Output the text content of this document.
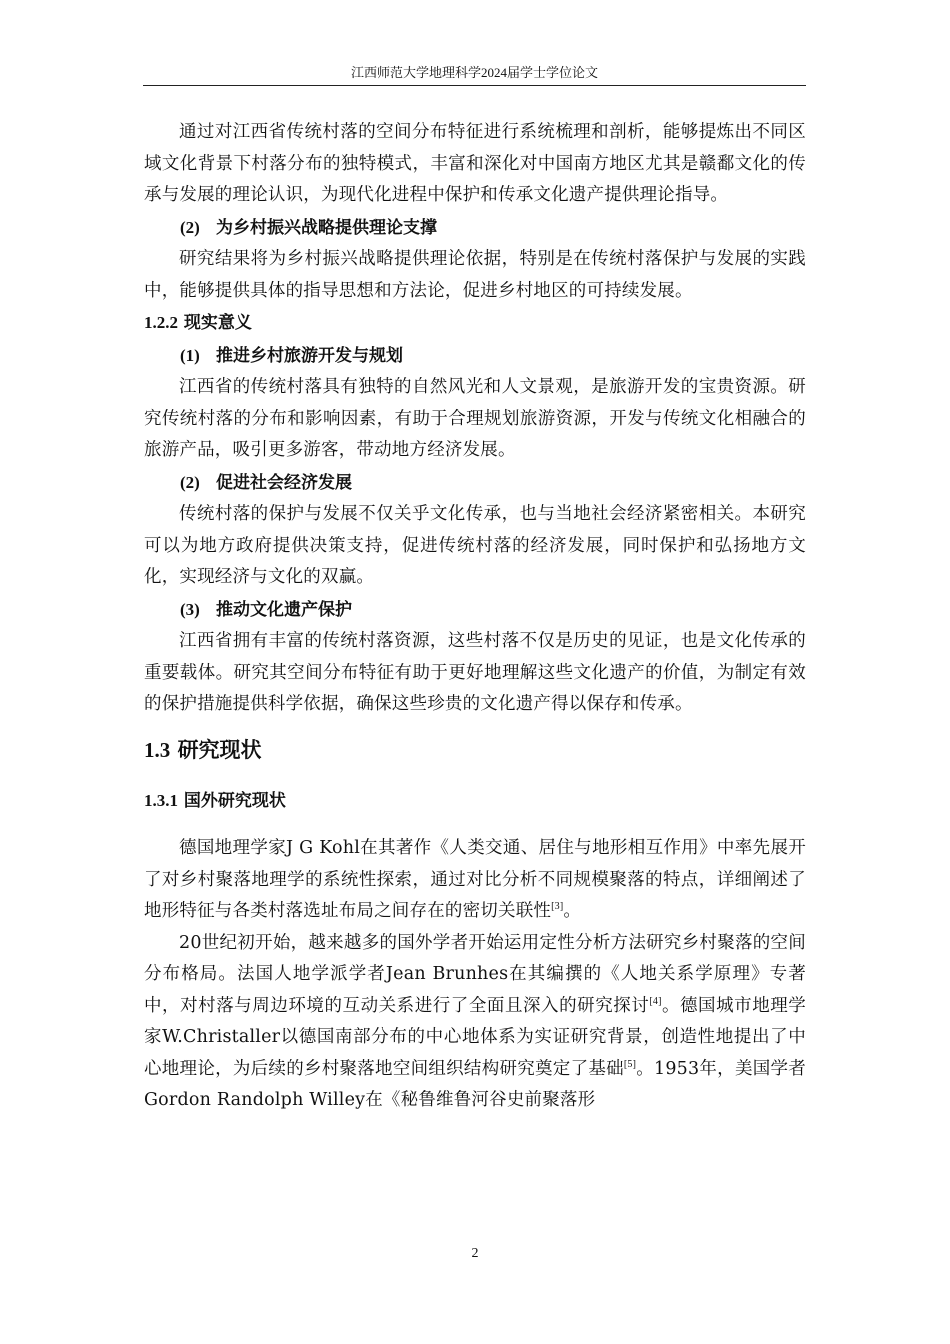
江西师范大学地理科学2024届学士学位论文

通过对江西省传统村落的空间分布特征进行系统梳理和剖析，能够提炼出不同区域文化背景下村落分布的独特模式，丰富和深化对中国南方地区尤其是赣鄱文化的传承与发展的理论认识，为现代化进程中保护和传承文化遗产提供理论指导。

(2) 为乡村振兴战略提供理论支撑

研究结果将为乡村振兴战略提供理论依据，特别是在传统村落保护与发展的实践中，能够提供具体的指导思想和方法论，促进乡村地区的可持续发展。

1.2.2 现实意义

(1) 推进乡村旅游开发与规划

江西省的传统村落具有独特的自然风光和人文景观，是旅游开发的宝贵资源。研究传统村落的分布和影响因素，有助于合理规划旅游资源，开发与传统文化相融合的旅游产品，吸引更多游客，带动地方经济发展。

(2) 促进社会经济发展

传统村落的保护与发展不仅关乎文化传承，也与当地社会经济紧密相关。本研究可以为地方政府提供决策支持，促进传统村落的经济发展，同时保护和弘扬地方文化，实现经济与文化的双赢。

(3) 推动文化遗产保护

江西省拥有丰富的传统村落资源，这些村落不仅是历史的见证，也是文化传承的重要载体。研究其空间分布特征有助于更好地理解这些文化遗产的价值，为制定有效的保护措施提供科学依据，确保这些珍贵的文化遗产得以保存和传承。

1.3 研究现状

1.3.1 国外研究现状

德国地理学家J G Kohl在其著作《人类交通、居住与地形相互作用》中率先展开了对乡村聚落地理学的系统性探索，通过对比分析不同规模聚落的特点，详细阐述了地形特征与各类村落选址布局之间存在的密切关联性[3]。

20世纪初开始，越来越多的国外学者开始运用定性分析方法研究乡村聚落的空间分布格局。法国人地学派学者Jean Brunhes在其编撰的《人地关系学原理》专著中，对村落与周边环境的互动关系进行了全面且深入的研究探讨[4]。德国城市地理学家W.Christaller以德国南部分布的中心地体系为实证研究背景，创造性地提出了中心地理论，为后续的乡村聚落地空间组织结构研究奠定了基础[5]。1953年，美国学者Gordon Randolph Willey在《秘鲁维鲁河谷史前聚落形

2
